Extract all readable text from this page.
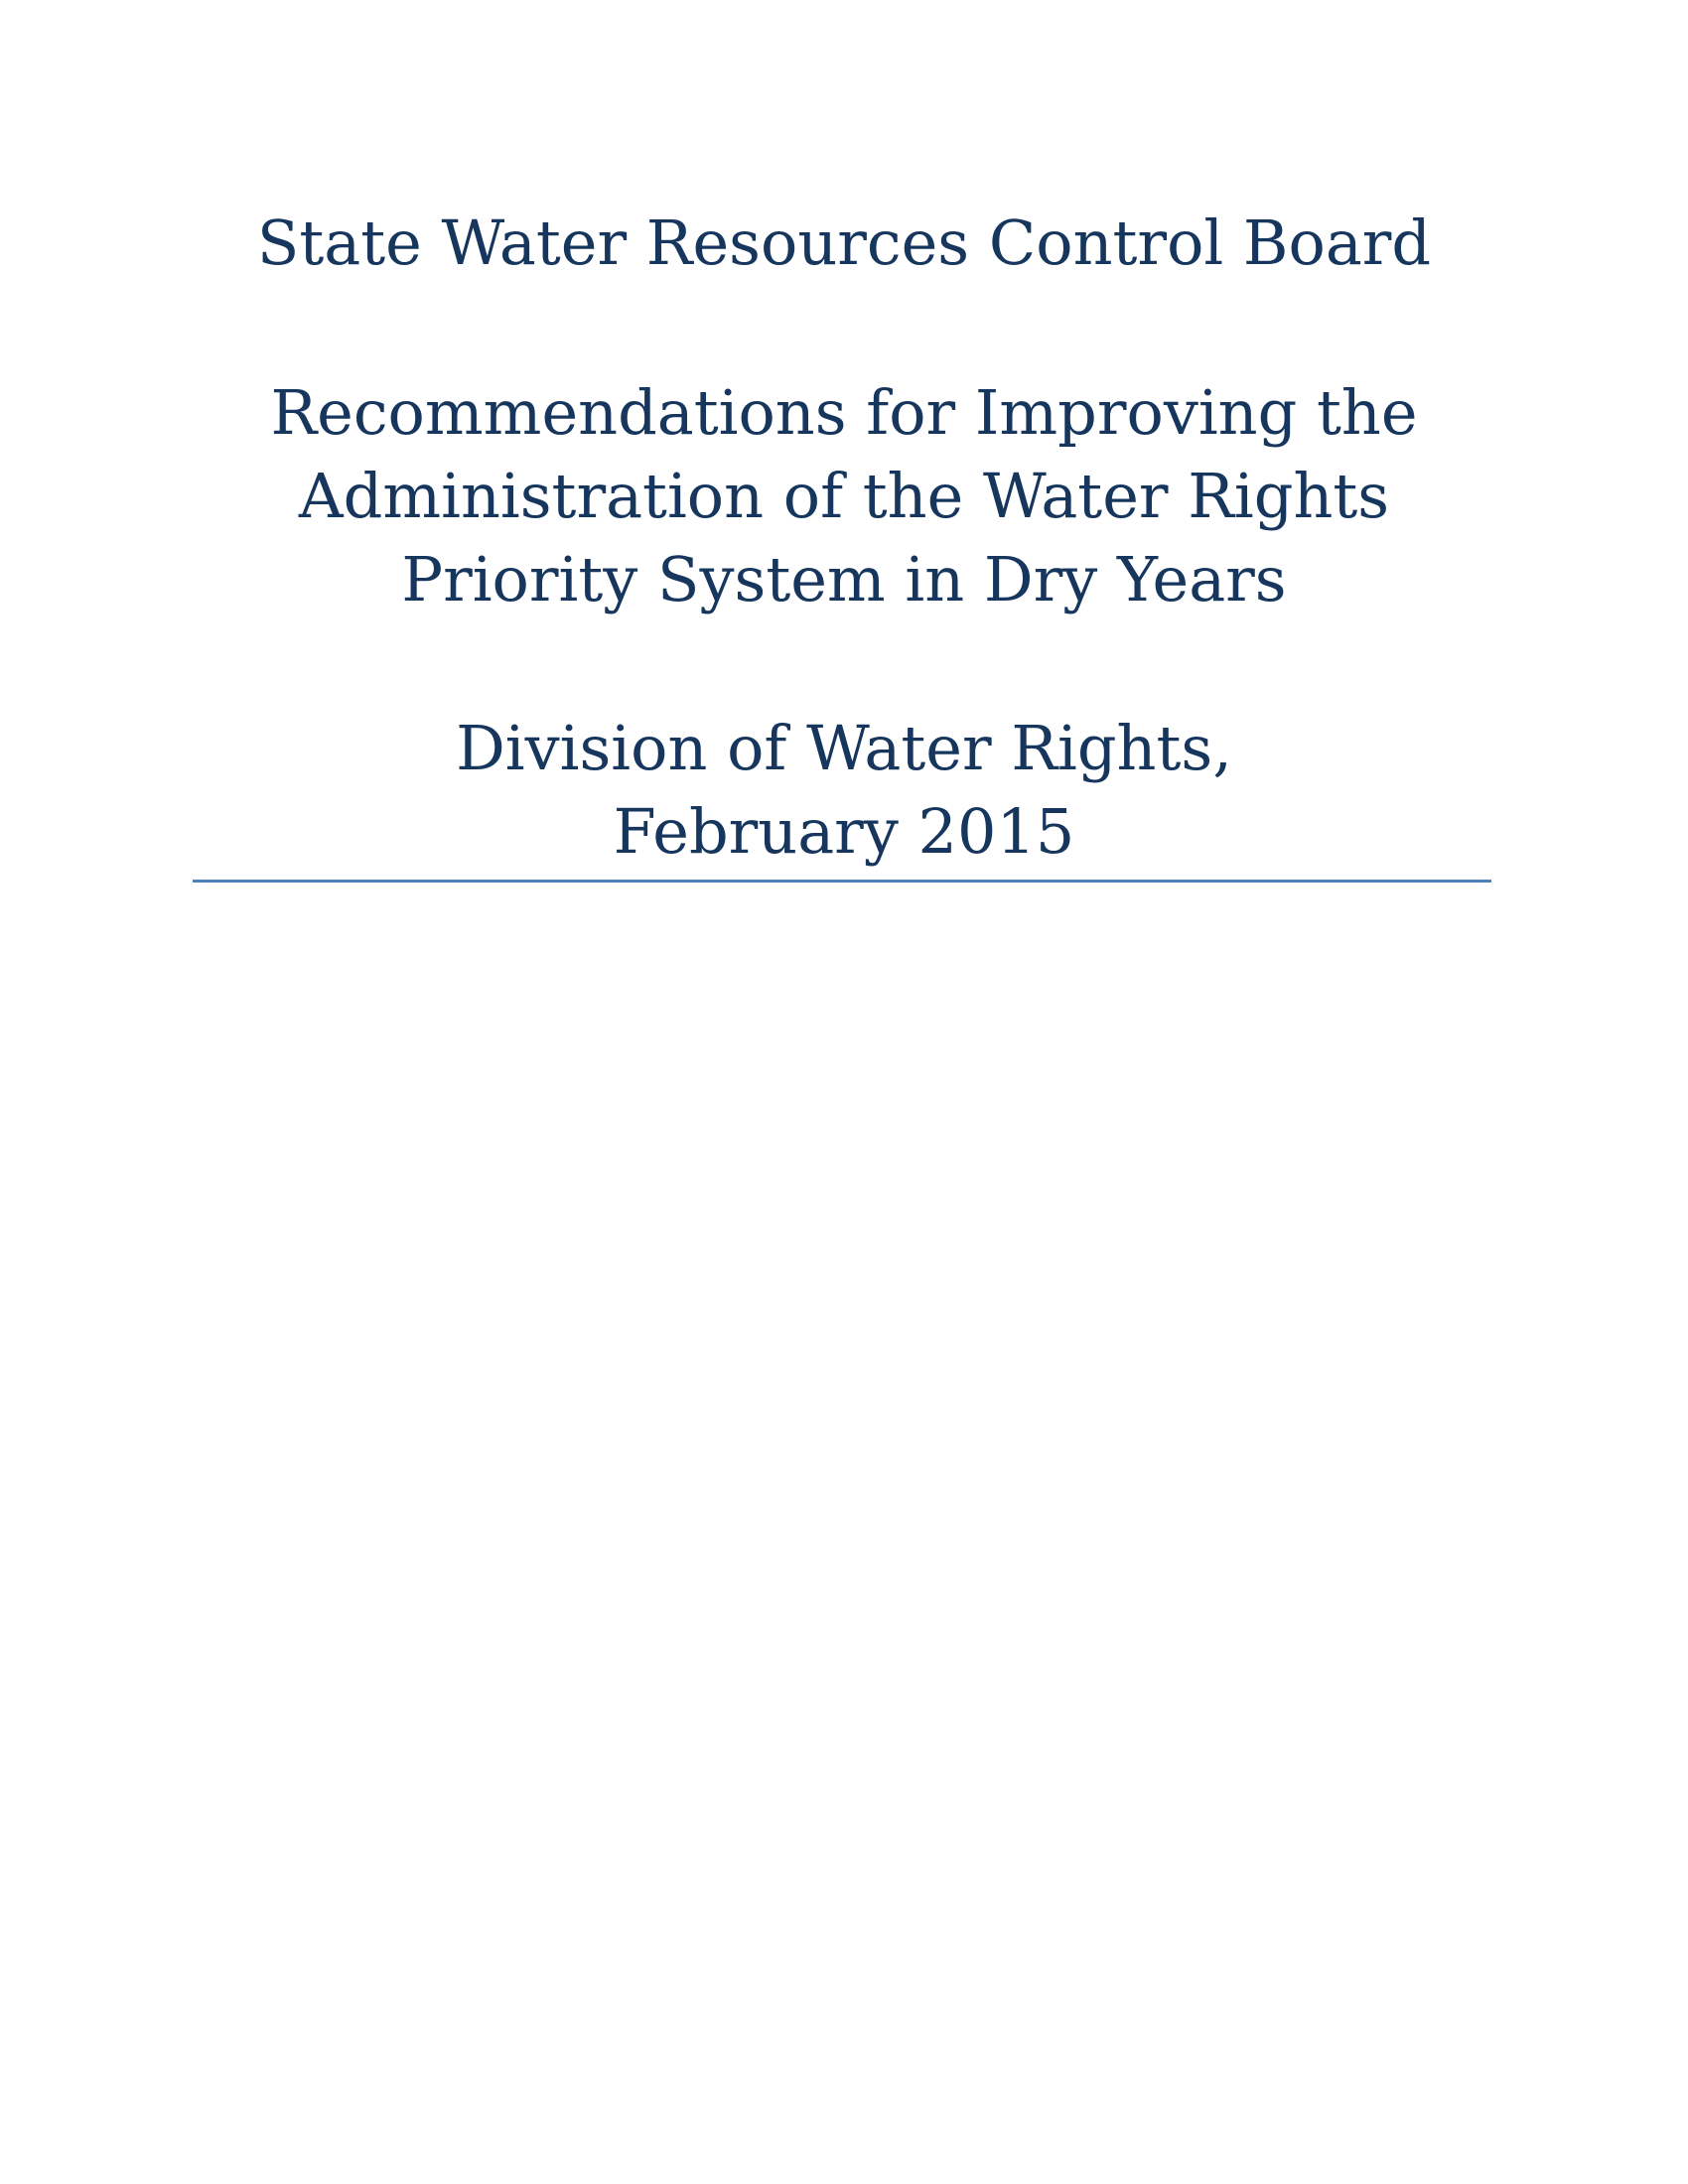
State Water Resources Control Board
Recommendations for Improving the
Administration of the Water Rights
Priority System in Dry Years
Division of Water Rights,
February 2015
